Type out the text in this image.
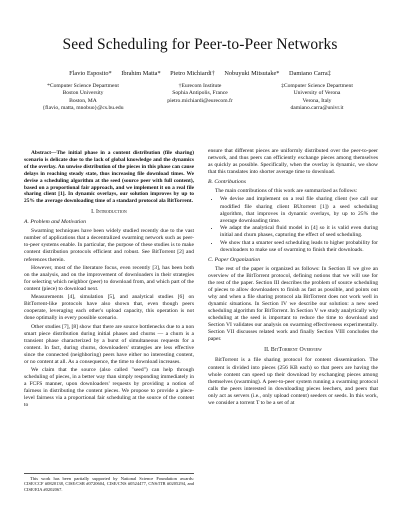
Seed Scheduling for Peer-to-Peer Networks
Flavio Esposito* Ibrahim Matta* Pietro Michiardi† Nobuyuki Mitsutake* Damiano Carra‡
*Computer Science Department
Boston University
Boston, MA
{flavio, matta, mnobuo}@cs.bu.edu
†Eurecom Institute
Sophia Antipolis, France
pietro.michiardi@eurecom.fr
‡Computer Science Department
University of Verona
Verona, Italy
damiano.carra@univr.it

Abstract—The initial phase in a content distribution (file sharing) scenario is delicate due to the lack of global knowledge and the dynamics of the overlay. An unwise distribution of the pieces in this phase can cause delays in reaching steady state, thus increasing file download times. We devise a scheduling algorithm at the seed (source peer with full content), based on a proportional fair approach, and we implement it on a real file sharing client [1]. In dynamic overlays, our solution improves by up to 25% the average downloading time of a standard protocol ala BitTorrent.

I. Introduction
A. Problem and Motivation

Swarming techniques have been widely studied recently due to the vast number of applications that a decentralized swarming network such as peer-to-peer systems enable. In particular, the purpose of these studies is to make content distribution protocols efficient and robust. See BitTorrent [2] and references therein.

However, most of the literature focus, even recently [3], has been both on the analysis, and on the improvement of downloaders in their strategies for selecting which neighbor (peer) to download from, and which part of the content (piece) to download next.

Measurements [4], simulation [5], and analytical studies [6] on BitTorrent-like protocols have also shown that, even though peers cooperate, leveraging each other's upload capacity, this operation is not done optimally in every possible scenario.

Other studies [7], [8] show that there are source bottlenecks due to a non smart piece distribution during initial phases and churns — a churn is a transient phase characterized by a burst of simultaneous requests for a content. In fact, during churns, downloaders' strategies are less effective since the connected (neighboring) peers have either no interesting content, or no content at all. As a consequence, the time to download increases.

We claim that the source (also called "seed") can help through scheduling of pieces, in a better way than simply responding immediately in a FCFS manner, upon downloaders' requests by providing a notion of fairness in distributing the content pieces. We propose to provide a piece-level fairness via a proportional fair scheduling at the source of the content to

This work has been partially supported by National Science Foundation awards: CISE/CCF #0820138, CISE/CSR #0720604, CISE/CNS #0524477, CNS/ITR #0205294, and CISE/EIA #0202067.

ensure that different pieces are uniformly distributed over the peer-to-peer network, and thus peers can efficiently exchange pieces among themselves as quickly as possible. Specifically, when the overlay is dynamic, we show that this translates into shorter average time to download.

B. Contributions

The main contributions of this work are summarized as follows:

• We devise and implement on a real file sharing client (we call our modified file sharing client BUtorrent [1]) a seed scheduling algorithm, that improves in dynamic overlays, by up to 25% the average downloading time.
• We adapt the analytical fluid model in [4] so it is valid even during initial and churn phases, capturing the effect of seed scheduling.
• We show that a smarter seed scheduling leads to higher probability for downloaders to make use of swarming to finish their downloads.
C. Paper Organization

The rest of the paper is organized as follows: In Section II we give an overview of the BitTorrent protocol, defining notions that we will use for the rest of the paper. Section III describes the problem of source scheduling of pieces to allow downloaders to finish as fast as possible, and points out why and when a file sharing protocol ala BitTorrent does not work well in dynamic situations. In Section IV we describe our solution: a new seed scheduling algorithm for BitTorrent. In Section V we study analytically why scheduling at the seed is important to reduce the time to download and Section VI validates our analysis on swarming effectiveness experimentally. Section VII discusses related work and finally Section VIII concludes the paper.

II. BitTorrent Overview

BitTorrent is a file sharing protocol for content dissemination. The content is divided into pieces (256 KB each) so that peers are having the whole content can speed up their download by exchanging pieces among themselves (swarming). A peer-to-peer system running a swarming protocol calls the peers interested in downloading pieces leechers, and peers that only act as servers (i.e., only upload content) seeders or seeds. In this work, we consider a torrent T to be a set of at
